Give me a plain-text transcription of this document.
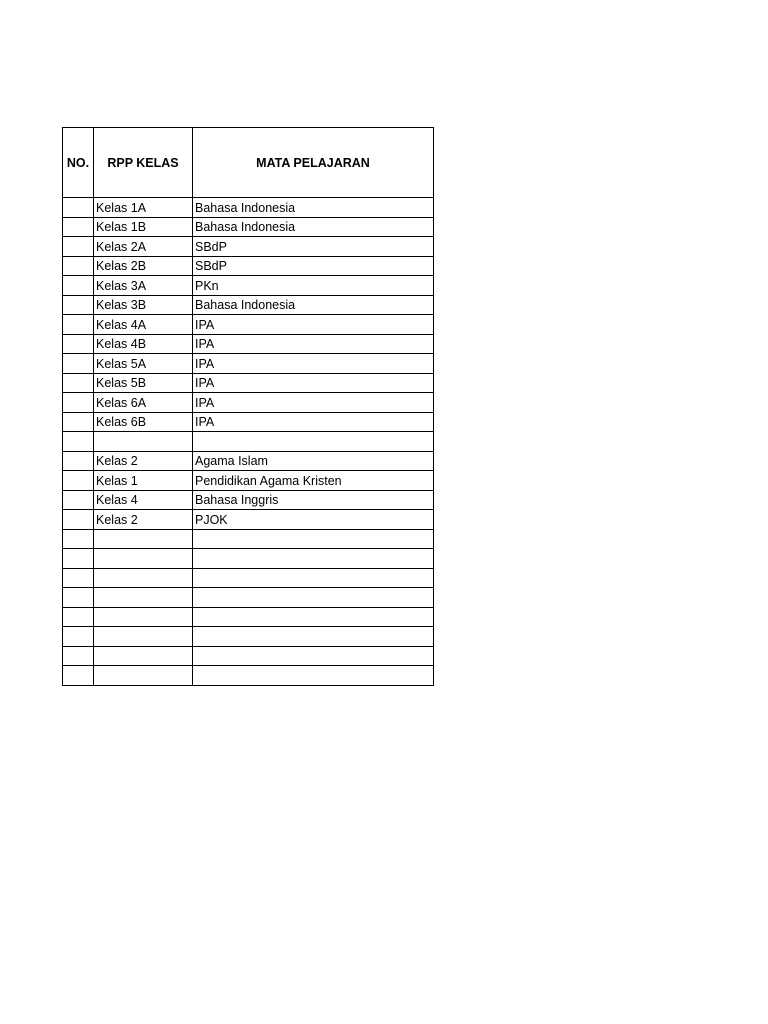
NO.	RPP KELAS	MATA PELAJARAN
	Kelas 1A	Bahasa Indonesia
	Kelas 1B	Bahasa Indonesia
	Kelas 2A	SBdP
	Kelas 2B	SBdP
	Kelas 3A	PKn
	Kelas 3B	Bahasa Indonesia
	Kelas 4A	IPA
	Kelas 4B	IPA
	Kelas 5A	IPA
	Kelas 5B	IPA
	Kelas 6A	IPA
	Kelas 6B	IPA

	Kelas 2	Agama Islam
	Kelas 1	Pendidikan Agama Kristen
	Kelas 4	Bahasa Inggris
	Kelas 2	PJOK
